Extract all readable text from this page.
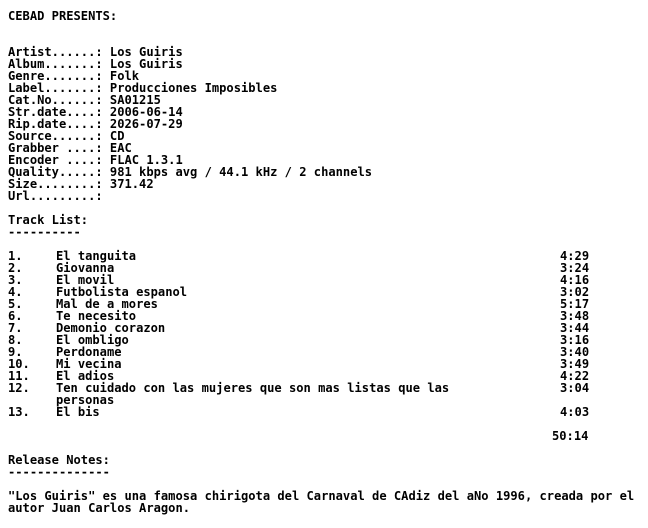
CEBAD PRESENTS:
Artist......: Los Guiris
Album.......: Los Guiris
Genre.......: Folk
Label.......: Producciones Imposibles
Cat.No......: SA01215
Str.date....: 2006-06-14
Rip.date....: 2026-07-29
Source......: CD
Grabber ....: EAC
Encoder ....: FLAC 1.3.1
Quality.....: 981 kbps avg / 44.1 kHz / 2 channels
Size........: 371.42
Url.........:
Track List:
----------
1.	El tanguita	4:29
2.	Giovanna	3:24
3.	El movil	4:16
4.	Futbolista espanol	3:02
5.	Mal de a mores	5:17
6.	Te necesito	3:48
7.	Demonio corazon	3:44
8.	El ombligo	3:16
9.	Perdoname	3:40
10. Mi vecina	3:49
11. El adios	4:22
12. Ten cuidado con las mujeres que son mas listas que las	3:04
personas
13. El bis	4:03
50:14
Release Notes:
--------------
"Los Guiris" es una famosa chirigota del Carnaval de CAdiz del aNo 1996, creada por el autor Juan Carlos Aragon.
